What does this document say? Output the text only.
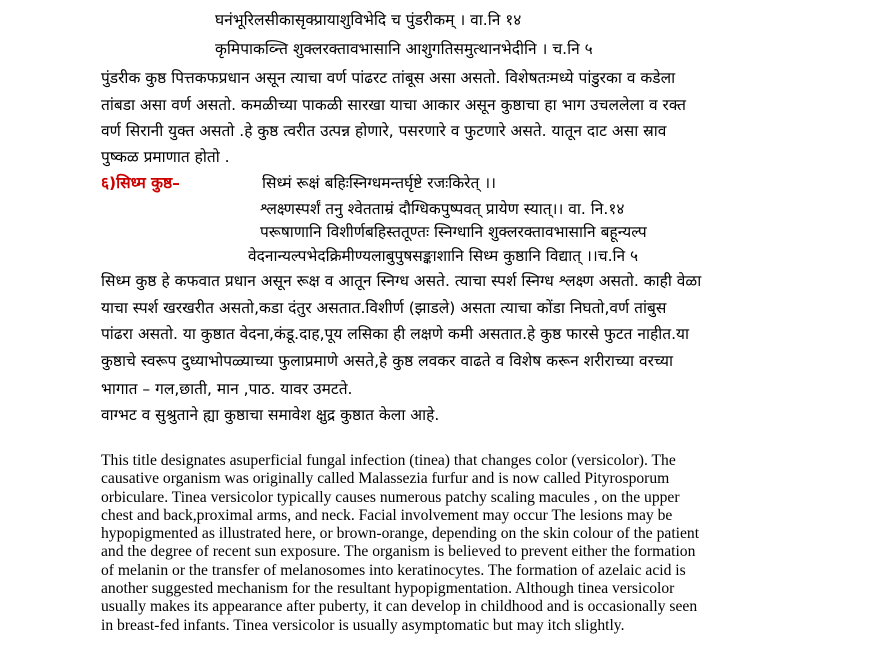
घनंभूरिलसीकासृक्प्रायाशुविभेदि च पुंडरीकम् । वा.नि १४
कृमिपाकव्न्ति शुक्लरक्तावभासानि आशुगतिसमुत्थानभेदीनि । च.नि ५
पुंडरीक कुष्ठ पित्तकफप्रधान असून त्याचा वर्ण पांढरट तांबूस असा असतो. विशेषतःमध्ये पांडुरका व कडेला
तांबडा असा वर्ण असतो. कमळीच्या पाकळी सारखा याचा आकार असून कुष्ठाचा हा भाग उचललेला व रक्त
वर्ण सिरानी युक्त असतो .हे कुष्ठ त्वरीत उत्पन्न होणारे, पसरणारे व फुटणारे असते. यातून दाट असा स्राव
पुष्कळ प्रमाणात होतो .
६)सिध्म कुष्ठ–	सिध्मं रूक्षं बहिःस्निग्धमन्तर्घृष्टे रजःकिरेत् ।।
श्लक्ष्णस्पर्शं तनु श्वेतताम्रं दौग्धिकपुष्पवत् प्रायेण स्यात्।। वा. नि.१४
परूषाणानि विशीर्णबहिस्ततूण्तः स्निग्धानि शुक्लरक्तावभासानि बहून्यल्प
वेदनान्यल्पभेदक्रिमीण्यलाबुपुषसङ्काशानि सिध्म कुष्ठानि विद्यात् ।।च.नि ५
सिध्म कुष्ठ हे कफवात प्रधान असून रूक्ष व आतून स्निग्ध असते. त्याचा स्पर्श स्निग्ध श्लक्ष्ण असतो. काही वेळा
याचा स्पर्श खरखरीत असतो,कडा दंतुर असतात.विशीर्ण (झाडले) असता त्याचा कोंडा निघतो,वर्ण तांबुस
पांढरा असतो. या कुष्ठात वेदना,कंडू.दाह,पूय लसिका ही लक्षणे कमी असतात.हे कुष्ठ फारसे फुटत नाहीत.या
कुष्ठाचे स्वरूप दुध्याभोपळ्याच्या फुलाप्रमाणे असते,हे कुष्ठ लवकर वाढते व विशेष करून शरीराच्या वरच्या
भागात – गल,छाती, मान ,पाठ. यावर उमटते.
वाग्भट व सुश्रुताने ह्या कुष्ठाचा समावेश क्षुद्र कुष्ठात केला आहे.
This title designates asuperficial fungal infection (tinea) that changes color (versicolor). The
causative organism was originally called Malassezia furfur and is now called Pityrosporum
orbiculare. Tinea versicolor typically causes numerous patchy scaling macules , on the upper
chest and back,proximal arms, and neck. Facial involvement may occur The lesions may be
hypopigmented as illustrated here, or brown-orange, depending on the skin colour of the patient
and the degree of recent sun exposure. The organism is believed to prevent either the formation
of melanin or the transfer of melanosomes into keratinocytes. The formation of azelaic acid is
another suggested mechanism for the resultant hypopigmentation. Although tinea versicolor
usually makes its appearance after puberty, it can develop in childhood and is occasionally seen
in breast-fed infants. Tinea versicolor is usually asymptomatic but may itch slightly.
